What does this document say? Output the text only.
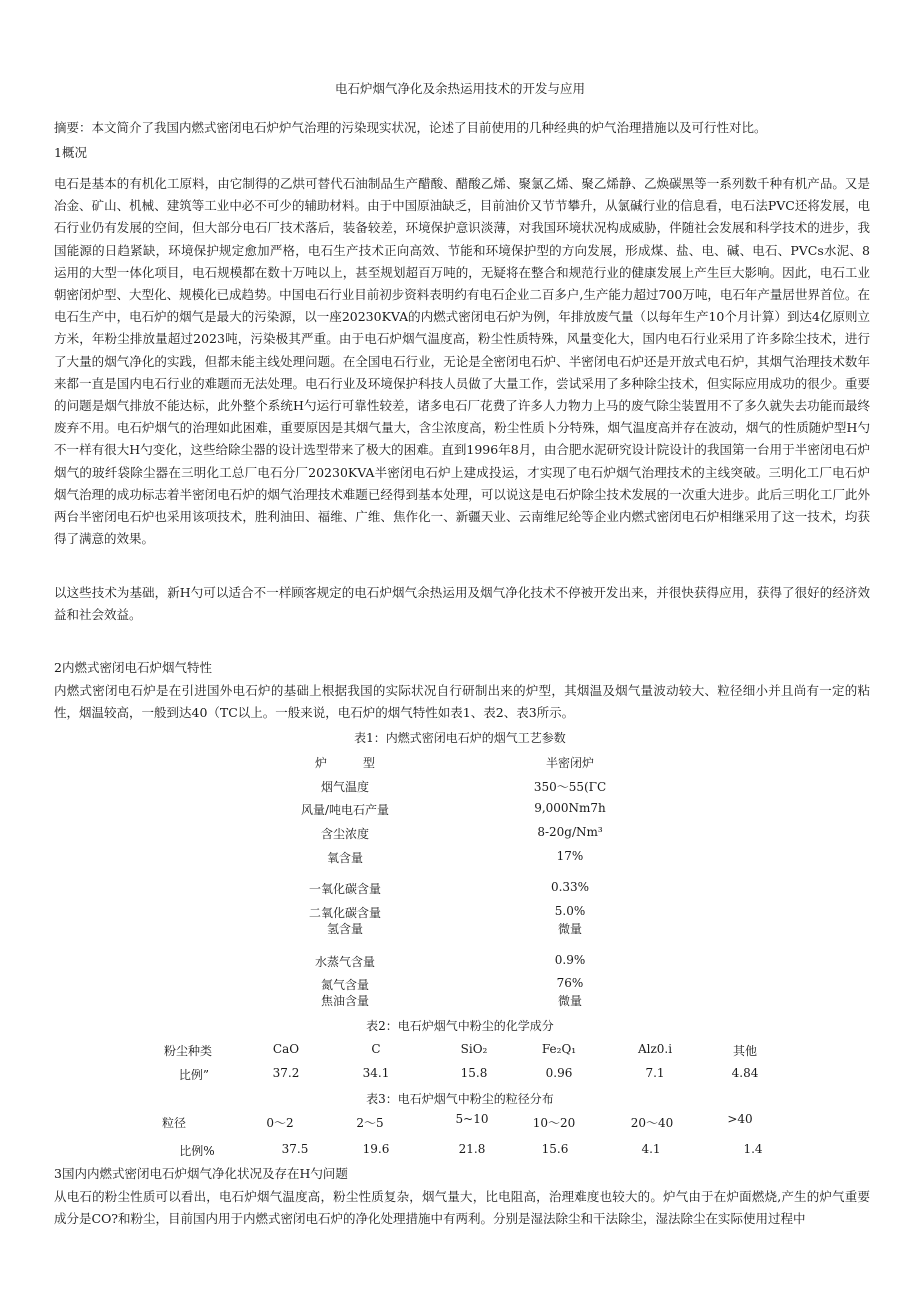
电石炉烟气净化及余热运用技术的开发与应用
摘要：本文简介了我国内燃式密闭电石炉炉气治理的污染现实状况，论述了目前使用的几种经典的炉气治理措施以及可行性对比。
1概况
电石是基本的有机化工原料，由它制得的乙烘可替代石油制品生产醋酸、醋酸乙烯、聚氯乙烯、聚乙烯静、乙焕碳黑等一系列数千种有机产品。又是冶金、矿山、机械、建筑等工业中必不可少的辅助材料。由于中国原油缺乏，目前油价又节节攀升，从氯碱行业的信息看，电石法PVC还将发展，电石行业仍有发展的空间，但大部分电石厂技术落后，装备较差，环境保护意识淡薄，对我国环境状况构成威胁，伴随社会发展和科学技术的进步，我国能源的日趋紧缺，环境保护规定愈加严格，电石生产技术正向高效、节能和环境保护型的方向发展，形成煤、盐、电、碱、电石、PVCs水泥、8运用的大型一体化项目，电石规模都在数十万吨以上，甚至规划超百万吨的，无疑将在整合和规范行业的健康发展上产生巨大影响。因此，电石工业朝密闭炉型、大型化、规模化已成趋势。中国电石行业目前初步资料表明约有电石企业二百多户,生产能力超过700万吨，电石年产量居世界首位。在电石生产中，电石炉的烟气是最大的污染源，以一座20230KVA的内燃式密闭电石炉为例，年排放废气量（以每年生产10个月计算）到达4亿原则立方米，年粉尘排放量超过2023吨，污染极其严重。由于电石炉烟气温度高，粉尘性质特殊，风量变化大，国内电石行业采用了许多除尘技术，进行了大量的烟气净化的实践，但都未能主线处理问题。在全国电石行业，无论是全密闭电石炉、半密闭电石炉还是开放式电石炉，其烟气治理技术数年来都一直是国内电石行业的难题而无法处理。电石行业及环境保护科技人员做了大量工作，尝试采用了多种除尘技术，但实际应用成功的很少。重要的问题是烟气排放不能达标，此外整个系统H勺运行可靠性较差，诸多电石厂花费了许多人力物力上马的废气除尘装置用不了多久就失去功能而最终废弃不用。电石炉烟气的治理如此困难，重要原因是其烟气量大，含尘浓度高，粉尘性质卜分特殊，烟气温度高并存在波动，烟气的性质随炉型H勺不一样有很大H勺变化，这些给除尘器的设计选型带来了极大的困难。直到1996年8月，由合肥水泥研究设计院设计的我国第一台用于半密闭电石炉烟气的玻纤袋除尘器在三明化工总厂电石分厂20230KVA半密闭电石炉上建成投运，才实现了电石炉烟气治理技术的主线突破。三明化工厂电石炉烟气治理的成功标志着半密闭电石炉的烟气治理技术难题已经得到基本处理，可以说这是电石炉除尘技术发展的一次重大进步。此后三明化工厂此外两台半密闭电石炉也采用该项技术，胜利油田、福维、广维、焦作化一、新疆天业、云南维尼纶等企业内燃式密闭电石炉相继采用了这一技术，均获得了满意的效果。
以这些技术为基础，新H勺可以适合不一样顾客规定的电石炉烟气余热运用及烟气净化技术不停被开发出来，并很快获得应用，获得了很好的经济效益和社会效益。
2内燃式密闭电石炉烟气特性
内燃式密闭电石炉是在引进国外电石炉的基础上根据我国的实际状况自行研制出来的炉型，其烟温及烟气量波动较大、粒径细小并且尚有一定的粘性，烟温较高，一般到达40（TC以上。一般来说，电石炉的烟气特性如表1、表2、表3所示。
表1：内燃式密闭电石炉的烟气工艺参数
炉　　　型	半密闭炉
烟气温度	350～55(ΓC
风量/吨电石产量	9,000Nm7h
含尘浓度	8-20g/Nm³
氧含量	17%
一氧化碳含量	0.33%
二氧化碳含量	5.0%
氢含量	微量
水蒸气含量	0.9%
氮气含量	76%
焦油含量	微量
表2：电石炉烟气中粉尘的化学成分
粉尘种类	CaO	C	SiO₂	Fe₂Q₁	Alz0.i	其他
比例”	37.2	34.1	15.8	0.96	7.1	4.84
表3：电石炉烟气中粉尘的粒径分布
粒径	0～2	2～5	5~10	10～20	20～40	>40
比例%	37.5	19.6	21.8	15.6	4.1	1.4
3国内内燃式密闭电石炉烟气净化状况及存在H勺问题
从电石的粉尘性质可以看出，电石炉烟气温度高，粉尘性质复杂，烟气量大，比电阻高，治理难度也较大的。炉气由于在炉面燃烧,产生的炉气重要成分是CO?和粉尘，目前国内用于内燃式密闭电石炉的净化处理措施中有两利。分别是湿法除尘和干法除尘，湿法除尘在实际使用过程中
